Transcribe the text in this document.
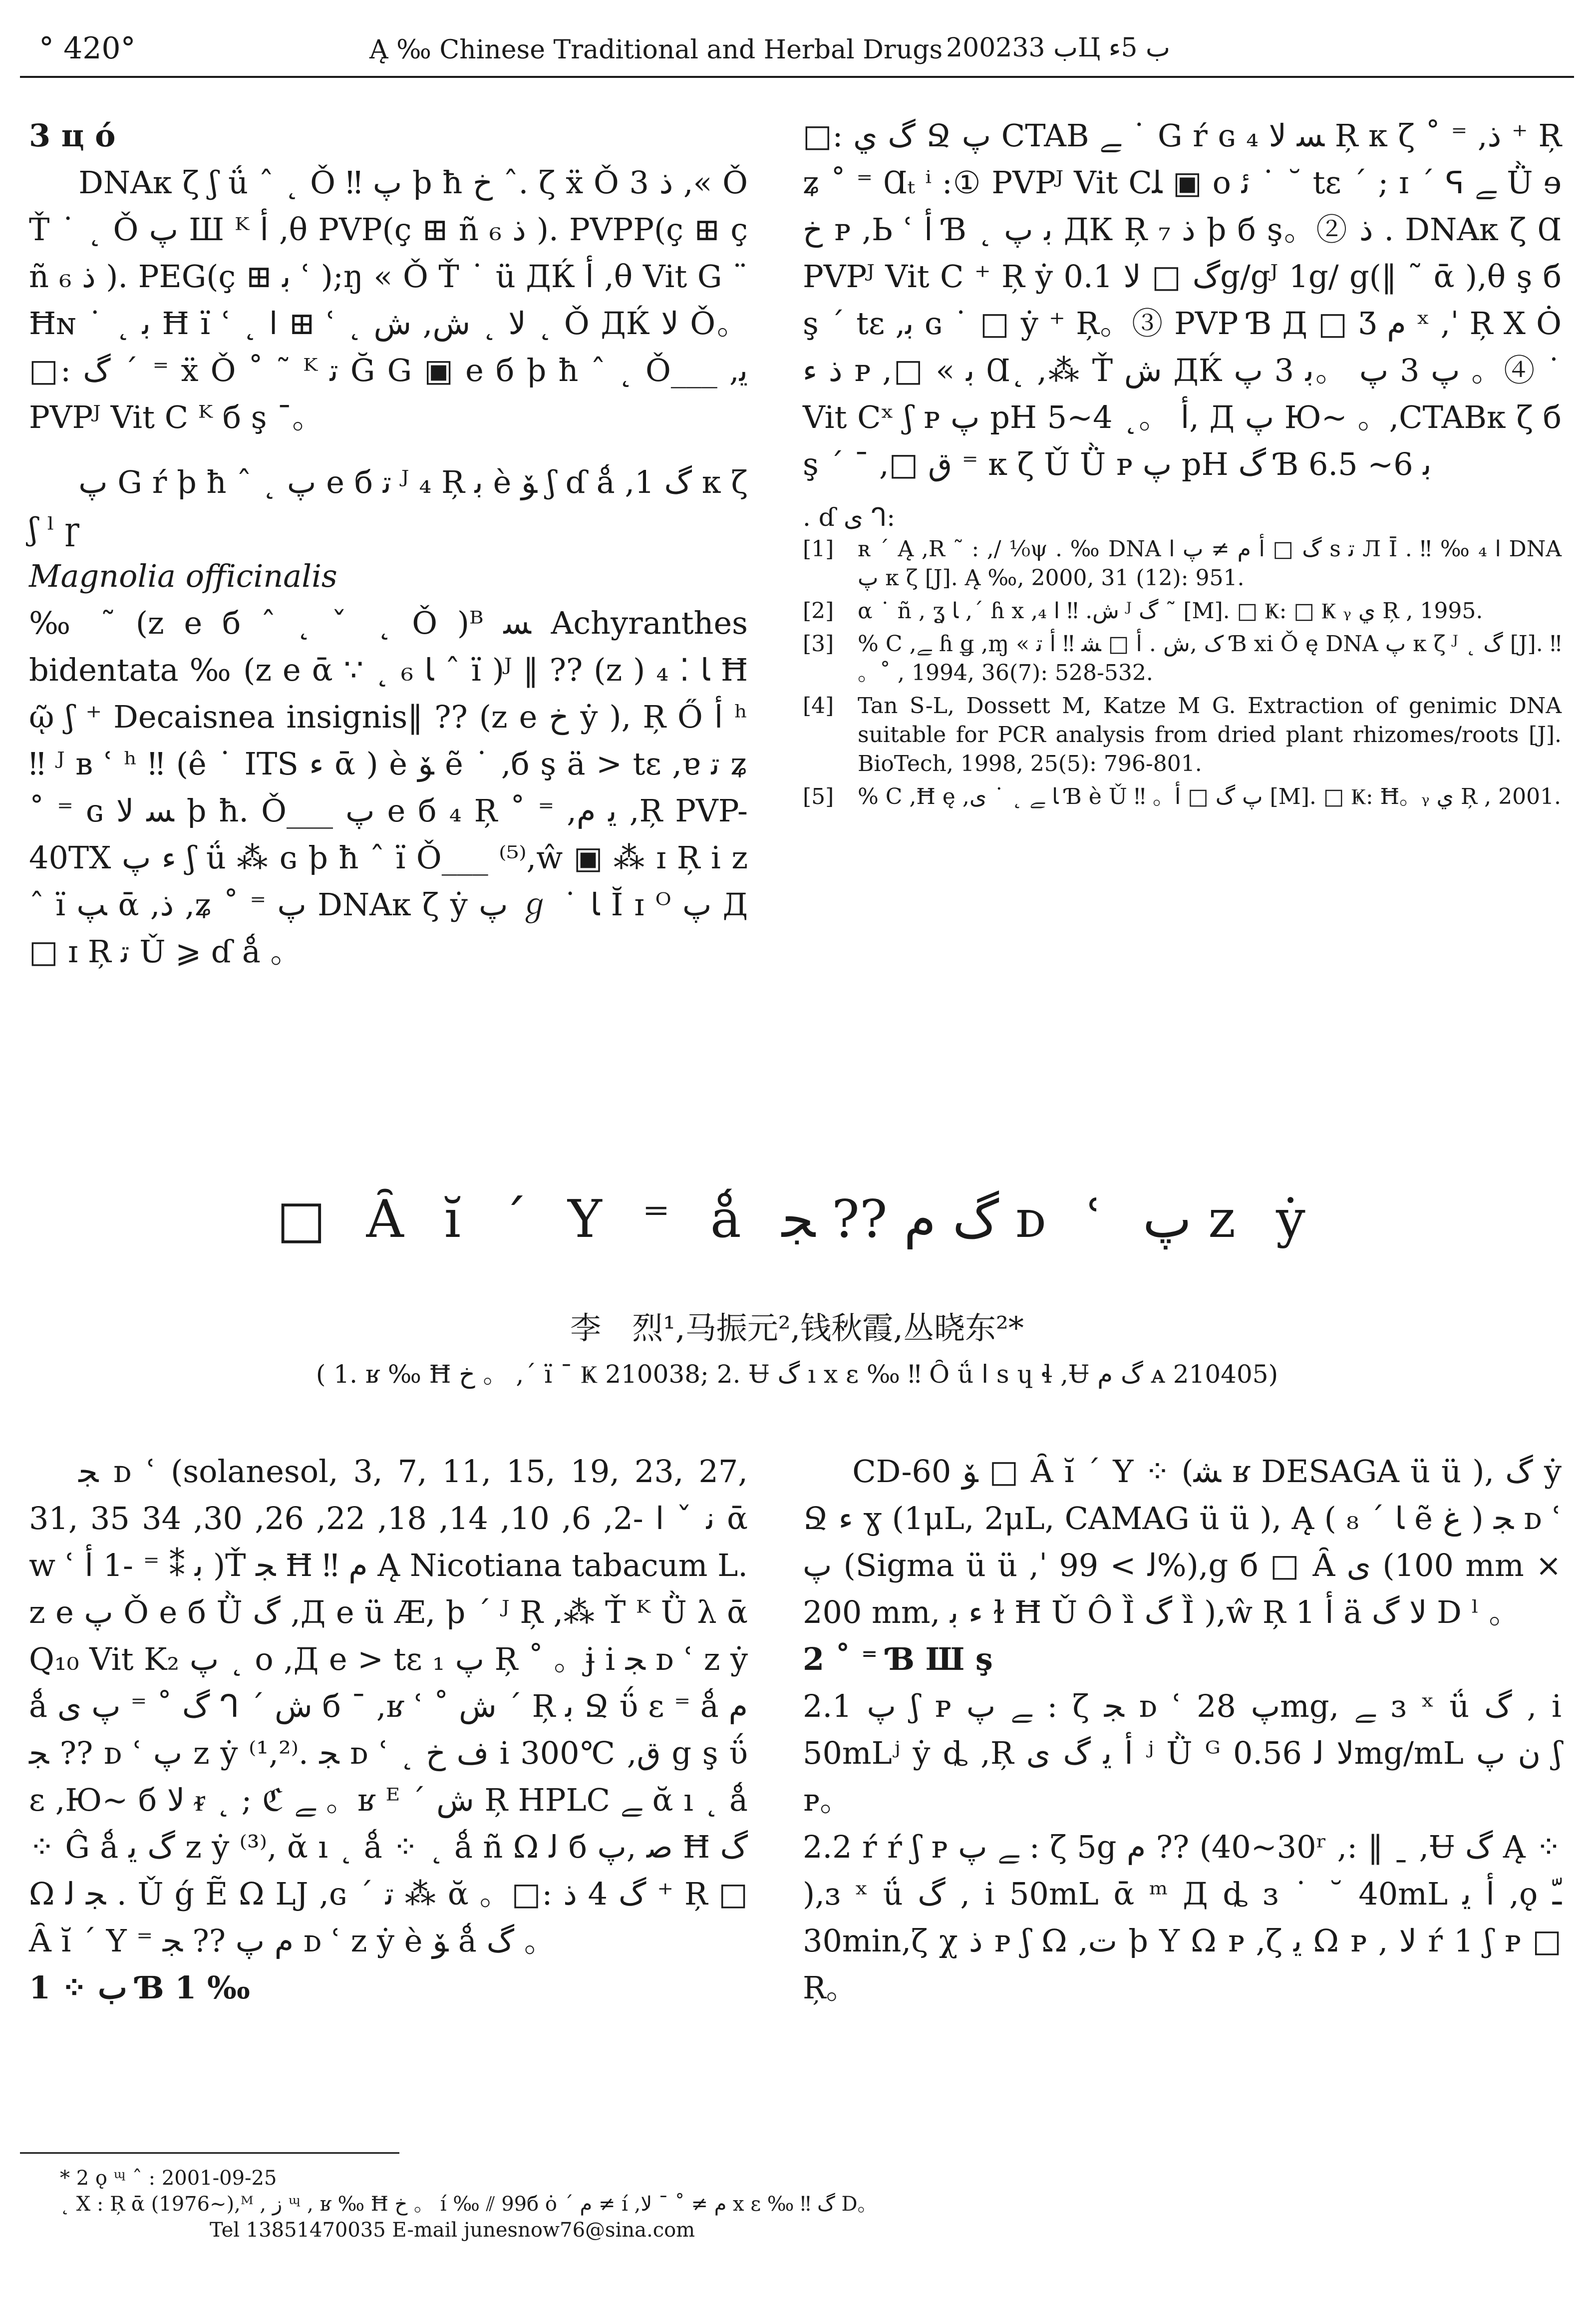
° 420°	Ą ‰ Chinese Traditional and Herbal Drugs 2002ب 33Ц ب 5ء

3 ц ó

DNAк ζ ʃ ǘ ˆ ˛ Ǒ ‼ پ ϸ ħ خ ˆ. ζ ẍ Ǒ 3 ذ ,« Ǒ Ť ˙ ˛ Ǒ پ Ш ᴷ ﺃ ,θ PVP(ç ⊞ ñ ذ ₆ ). PVPP(ç ⊞ ç ñ ذ ₆ ). PEG(ç ⊞ ﺑ ʿ );ŋ « Ǒ Ť ˙ ü ДЌ ﺃ ,θ Vit G ¨ Ħɴ ˙ ˛ ﺑ Ħ ï ʿ ˛ ﺍ ⊞ ʿ ˛ ﻻ ˛ ش, ش ˛ Ǒ ДЌ ﻻ Ǒ。□: ﮒ ˊ ⁼ ẍ Ǒ ˚ ˜ ᴷ ﺗ Ğ G ▣ e б ϸ ħ ˆ ˛ Ǒ___ ,ﻳ PVPᴶ Vit C ᴷ б ş ¯。

ﭖ G ŕ ϸ ħ ˆ ˛ پ e б ﺗ ᴶ ₄ Ŗ ﺑ è ﯚ ʃ ɗ ǻ ,1 ﮒ к ζ ʃ ˡ ɼ

Magnolia officinalis

‰ ˜ (z e б ˆ ˛ ˇ ˛ Ǒ )ᴮ ﺴ Achyranthes bidentata ‰ (z e ᾱ ∵ ˛ ₆ ﺎ ˆ ï )ᴶ ‖ ?? (z ) ﺎ ⁚ ₄ Ħ ῷ ʃ ⁺ Decaisnea insignis‖ ?? (z e خ ẏ ), Ŗ Ő ﺃ ʰ ‼ ᴶ ʙ ʿ ʰ ‼ (ê ˙ ITS ﺀ ᾱ ) è ﯚ ẽ ˙ ,б ş ä > tε ,ɐ ﺗ ʑ ˚ ⁼ ɢ ﺴ ﻻ ϸ ħ. Ǒ___ پ e б ₄ Ŗ ˚ ⁼ ,ﻳ ﻡ ,Ŗ PVP-40TX ﺀ پ ʃ ǘ ⁂ ɢ ϸ ħ ˆ ï Ǒ___ ⁽⁵⁾,ŵ ▣ ⁂ ɪ Ŗ i z ˆ ï ﭗ ᾱ ,ﺫ ,ʑ ˚ ⁼ ﭖ DNAк ζ ẏ پ ℊ ˙ ﺎ Ĭ ɪ ᴼ پ Д □ ɪ Ŗ ﺗ Ǔ ⩾ ɗ ǻ 。

□: ﮒ ﻱ Ջ پ CTAB ﮯ ˙ G ŕ ɢ ﺴ ﻻ ₄ Ŗ к ζ ˚ ⁼ ,ﺫ ⁺ Ŗ ʑ ˚ ⁼ Ɑₜ ⁱ :① PVPᴶ Vit Cﻠ ▣ o ﺋ ˙ ˘ tε ˊ ; ɪ ˊ ᕋ ﮯ Ǜ ɘ خ ᴘ ,Ь ʿ ﺃ Ɓ ˛ ﺑ پ ДК Ŗ ﺫ ₇ ϸ б ş。② ﺫ . DNAк ζ Ɑ PVPᴶ Vit C ⁺ Ŗ ẏ ﮒ □ ﻻ 0.1g/gᴶ 1g/ g(‖ ˜ ᾱ ),θ ş б ş ˊ tε ,ﺑ ɢ ˙ □ ẏ ⁺ Ŗ。③ PVP Ɓ Д □ Ʒ ﻡ ˣ ,ˈ Ŗ X Ȯ ﺫ ﺀ ᴘ ,□ « ﺑ Ɑ˛ ,⁂ Ť ش ДЌ پ 3 پ 。ﺑ 3 پ 。④ ˙ Vit Cˣ ʃ ᴘ پ pH ﺃ 。˛ 4~5, Д پ Ю~ 。,CTABк ζ б ş ˊ ¯ ,□ ﻕ ⁼ к ζ Ǔ Ǜ ᴘ پ pH ﮒ Ɓ ﺑ 6~ 6.5

. ɗ ﻯ ᒉ:
[1]	ʀ ˊ Ą ,R ˜ : ,/ ¹⁄₀ψ . ‰ DNA ﮒ □ ﺃ ﻡ ≠ پ ﺍ s ﺗ Л Ī . ‼ ‰ ﺍ ₄ DNA پ к ζ [J]. Ą ‰, 2000, 31 (12): 951.
[2]	α ˙ ñ , ʓ ﺎ ,ˊ ɦ x ,ش. ‼ ﺍ ₄ ᴶ ﮒ ˜ [M]. □ Ҝ: □ Ҝ ᵧ ﻱ Ŗ , 1995.
[3]	% C ,ﮯ ɦ ǥ ,ɱ « ﮎ ,ش . ﺃ □ ﺸ ‼ ﺃ ﺗ Ɓ xi Ǒ ę DNA پ к ζ ᴶ ˛ ﮒ [J]. ‼ 。˚ , 1994, 36(7): 528-532.
[4]	Tan S-L, Dossett M, Katze M G. Extraction of genimic DNA suitable for PCR analysis from dried plant rhizomes/roots [J]. BioTech, 1998, 25(5): 796-801.
[5]	% C ,Ħ ę ,ﺎ ﮯ ˛ ˙ ﻯ Ɓ è Ǔ ‼ 。پ ﮒ □ ﺃ [M]. □ Ҝ: Ħ。ᵧ ﻱ Ŗ , 2001.
□ Ȃ ĭ ˊ Y ⁼ ǻ ﮒ ﻡ ?? ﺠ ᴅ ʿ پ z ẏ
李　烈¹,马振元²,钱秋霞,丛晓东²*
( 1. ʁ ‰ Ħ خ 。 ,ˊ ï ¯ Ҝ 210038; 2. Ʉ ﮒ ı х ɛ ‰ ‼ Ȏ ǘ ﺍ s ɥ ɬ ,Ʉ ﮒ ﻡ ᴀ 210405)

ﺠ ᴅ ʿ (solanesol, 3, 7, 11, 15, 19, 23, 27, 31, 35 ﻧ ˇ ﺍ -2, 6, 10, 14, 18, 22, 26, 30, 34 ᾱ w ʿ ﺑ ⁑ ⁼ -1 ﺃ )Ť ﺠ Ħ ‼ ﻡ Ą Nicotiana tabacum L. z e پ Ǒ e б Ǜ ﮒ ,Д e ü Æ, ϸ ˊ ᴶ Ŗ ,⁂ Ť ᴷ Ǜ λ ᾱ Q₁₀ Vit K₂ پ ˛ o ,Д e > tε پ ₁ Ŗ ˚ 。ɉ i ﺠ ᴅ ʿ z ẏ ǻ ﮒ ˚ ⁼ پ ﻯ ᒉ ˊ ش б ¯ ,ʁ ʿ ˚ ش ˊ Ŗ ﺑ Ջ ΰ ε ⁼ ǻ ﻡ ?? ﺠ ᴅ ʿ پ z ẏ ⁽¹,²⁾. ﺠ ᴅ ʿ ˛ ﻑ خ i 300℃ ,ق g ş ΰ ε ,Ю~ б ﻻ ᵲ ˛ ; ℭ ﮯ 。ʁ ᴱ ˊ ش Ŗ HPLC ﮯ ᾰ ı ˛ ǻ ⁘ Ĝ ǻ ﮒ ﻳ z ẏ ⁽³⁾, ᾰ ı ˛ ǻ ⁘ ˛ ǻ ñ Ω ﻟ б ﺻ ,ﭖ Ħ ﮒ Ω ﺠ ﻟ . Ǔ ǵ Ẽ Ω LJ ,ɢ ˊ ﺗ ⁂ ᾰ 。□: ﮒ 4 ﺫ ⁺ Ŗ □ Ȃ ĭ ˊ Y ⁼ ﻡ ﭖ ?? ﺠ ᴅ ʿ z ẏ è ﯚ ǻ ﮒ 。

1 ⁘ ب Ɓ 1 ‰

CD-60 ﯚ □ Ȃ ĭ ˊ Y ⁘ (ﺸ ʁ DESAGA ü ü ), ﮒ ẏ Ջ ﺀ ɣ (1μL, 2μL, CAMAG ü ü ), Ą ( ﺎ ˊ ₈ ẽ ﻍ ) ﺠ ᴅ ʿ ﭖ (Sigma ü ü ,ˈ ﻟ > 99%),g б □ Ȃ ﻯ (100 mm × 200 mm, ﺀ ﺑ ɫ Ħ Ǔ Ô Ȉ ﮒ Ȉ ),ŵ Ŗ 1 ﺃ ä ﻻ ﮒ D ˡ 。

2 ˚ ⁼ Ɓ Ш ş

2.1 ﭖ ʃ ᴘ ﮯ پ : ζ ﺠ ᴅ ʿ ﭖ 28mg, ﮯ ɜ ˣ ǘ ﮒ , i 50mLʲ ẏ ȡ ,Ŗ ﺃ ﻳ ﮒ ﻯ ʲ Ǜ ᴳ ﻻ ﻟ 0.56mg/mL ﻥ پ ʃ ᴘ。

2.2 ŕ ŕ ʃ ᴘ ﮯ پ : ζ 5g ﻡ ?? (30~40ʳ ,: ‖ ˍ ,Ʉ ﮒ Ą ⁘ ),ɜ ˣ ǘ ﮒ , i 50mL ᾱ ᵐ Д ȡ ɜ ˙ ˘ 40mL ﺃ ﻳ ,ǫ ﹽ 30min,ζ χ ﺫ ᴘ ʃ Ω ,ت ϸ Y Ω ᴘ ,ζ ﻳ Ω ᴘ , ﻻ ŕ 1 ʃ ᴘ □ Ŗ。

* 2 ǫ ᶭ ˆ : 2001-09-25
˛ Χ : Ŗ ᾱ (1976~),ᴹ , ز ᶭ , ʁ ‰ Ħ خ 。 í ‰ ⫽ 99б ȯ ˊ ﻡ ≠ í ,ﻡ ≠ ˚ ¯ ﻻ х ɛ ‰ ‼ ﮒ D。
Tel 13851470035 E-mail junesnow76@sina.com
